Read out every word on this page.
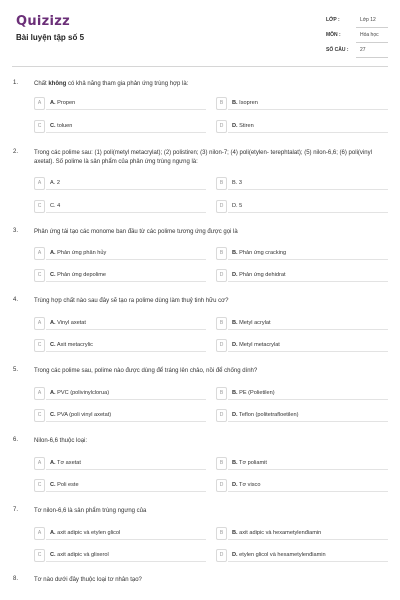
Quizizz
Bài luyện tập số 5
LỚP :	Lớp 12
MÔN :	Hóa học
SỐ CÂU : 27
1.	Chất không có khả năng tham gia phản ứng trùng hợp là:
A	A. Propen	B	B. Isopren
C	C. toluen	D	D. Stiren
2.	Trong các polime sau: (1) poli(metyl metacrylat); (2) polistiren; (3) nilon-7; (4) poli(etylen- terephtalat); (5) nilon-6,6; (6) poli(vinyl axetat). Số polime là sản phẩm của phản ứng trùng ngưng là:
A	A. 2	B	B. 3
C	C. 4	D	D. 5
3.	Phản ứng tái tạo các monome ban đầu từ các polime tương ứng được gọi là
A	A. Phản ứng phân hủy	B	B. Phản ứng cracking
C	C. Phản ứng depolime	D	D. Phản ứng dehidrat
4.	Trùng hợp chất nào sau đây sẽ tạo ra polime dùng làm thuỷ tinh hữu cơ?
A	A. Vinyl axetat	B	B. Metyl acrylat
C	C. Axit metacrylic	D	D. Metyl metacrylat
5.	Trong các polime sau, polime nào được dùng để tráng lên chảo, nồi để chống dính?
A	A. PVC (polivinylclorua)	B	B. PE (Polietilen)
C	C. PVA (poli vinyl axetat)	D	D. Teflon (politetrafloetilen)
6.	Nilon-6,6 thuộc loại:
A	A. Tơ axetat	B	B. Tơ poliamit
C	C. Poli este	D	D. Tơ visco
7.	Tơ nilon-6,6 là sản phẩm trùng ngưng của
A	A. axit adipic và etylen glicol	B	B. axit adipic và hexametylenđiamin
C	C. axit adipic và glixerol	D	D. etylen glicol và hexametylenđiamin
8.	Tơ nào dưới đây thuộc loại tơ nhân tạo?
